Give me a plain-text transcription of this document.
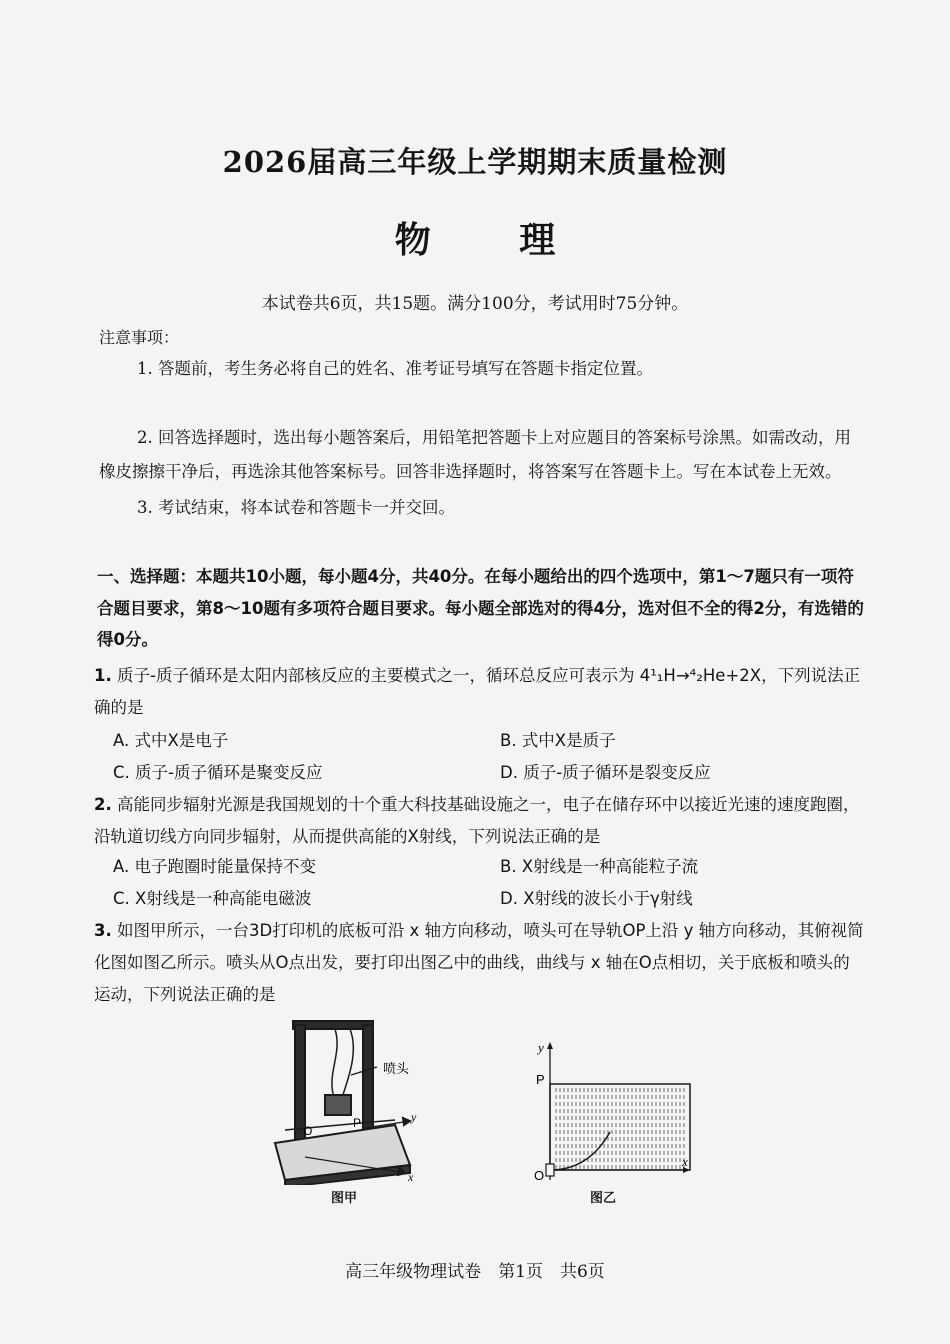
2026届高三年级上学期期末质量检测
物 理
本试卷共6页，共15题。满分100分，考试用时75分钟。
注意事项：
1. 答题前，考生务必将自己的姓名、准考证号填写在答题卡指定位置。
2. 回答选择题时，选出每小题答案后，用铅笔把答题卡上对应题目的答案标号涂黑。如需改动，用橡皮擦擦干净后，再选涂其他答案标号。回答非选择题时，将答案写在答题卡上。写在本试卷上无效。
3. 考试结束，将本试卷和答题卡一并交回。
一、选择题：本题共10小题，每小题4分，共40分。在每小题给出的四个选项中，第1～7题只有一项符合题目要求，第8～10题有多项符合题目要求。每小题全部选对的得4分，选对但不全的得2分，有选错的得0分。
1. 质子-质子循环是太阳内部核反应的主要模式之一，循环总反应可表示为 4¹₁H→⁴₂He+2X，下列说法正确的是
A. 式中X是电子	B. 式中X是质子
C. 质子-质子循环是聚变反应	D. 质子-质子循环是裂变反应
2. 高能同步辐射光源是我国规划的十个重大科技基础设施之一，电子在储存环中以接近光速的速度跑圈，沿轨道切线方向同步辐射，从而提供高能的X射线，下列说法正确的是
A. 电子跑圈时能量保持不变	B. X射线是一种高能粒子流
C. X射线是一种高能电磁波	D. X射线的波长小于γ射线
3. 如图甲所示，一台3D打印机的底板可沿 x 轴方向移动，喷头可在导轨OP上沿 y 轴方向移动，其俯视简化图如图乙所示。喷头从O点出发，要打印出图乙中的曲线，曲线与 x 轴在O点相切，关于底板和喷头的运动，下列说法正确的是
喷头
O
P	y
x
图甲
y
P
O
x
图乙
高三年级物理试卷　第1页　共6页
